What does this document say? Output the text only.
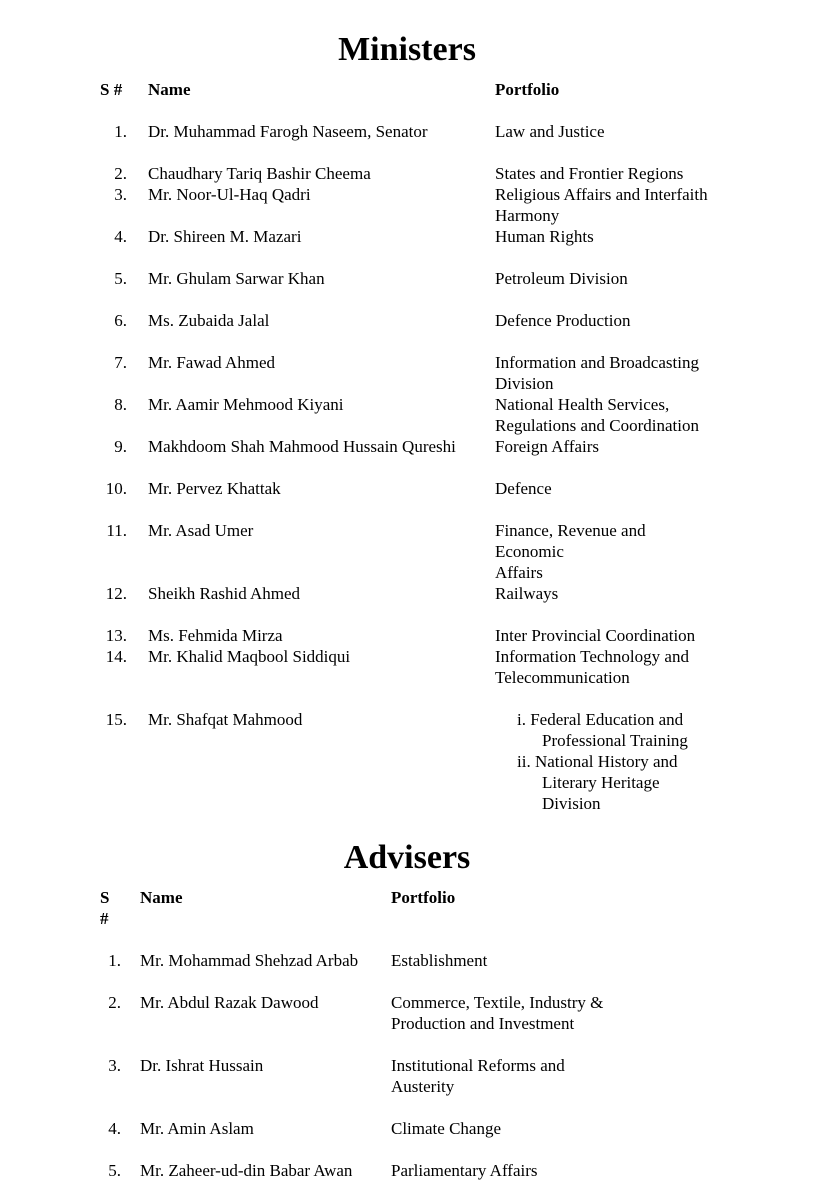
Ministers
S # Name	Portfolio
1. Dr. Muhammad Farogh Naseem, Senator	Law and Justice
2. Chaudhary Tariq Bashir Cheema	States and Frontier Regions
3. Mr. Noor-Ul-Haq Qadri	Religious Affairs and Interfaith
Harmony
4. Dr. Shireen M. Mazari	Human Rights
5. Mr. Ghulam Sarwar Khan	Petroleum Division
6. Ms. Zubaida Jalal	Defence Production
7. Mr. Fawad Ahmed	Information and Broadcasting
Division
8. Mr. Aamir Mehmood Kiyani	National Health Services,
Regulations and Coordination
9. Makhdoom Shah Mahmood Hussain Qureshi	Foreign Affairs
10. Mr. Pervez Khattak	Defence
11. Mr. Asad Umer	Finance, Revenue and Economic
Affairs
12. Sheikh Rashid Ahmed	Railways
13. Ms. Fehmida Mirza	Inter Provincial Coordination
14. Mr. Khalid Maqbool Siddiqui	Information Technology and
Telecommunication
15. Mr. Shafqat Mahmood	i. Federal Education and
Professional Training
ii. National History and
Literary Heritage Division
Advisers
S #
Name	Portfolio
1. Mr. Mohammad Shehzad Arbab	Establishment
2. Mr. Abdul Razak Dawood	Commerce, Textile, Industry &
Production and Investment
3. Dr. Ishrat Hussain	Institutional Reforms and
Austerity
4. Mr. Amin Aslam	Climate Change
5. Mr. Zaheer-ud-din Babar Awan	Parliamentary Affairs
